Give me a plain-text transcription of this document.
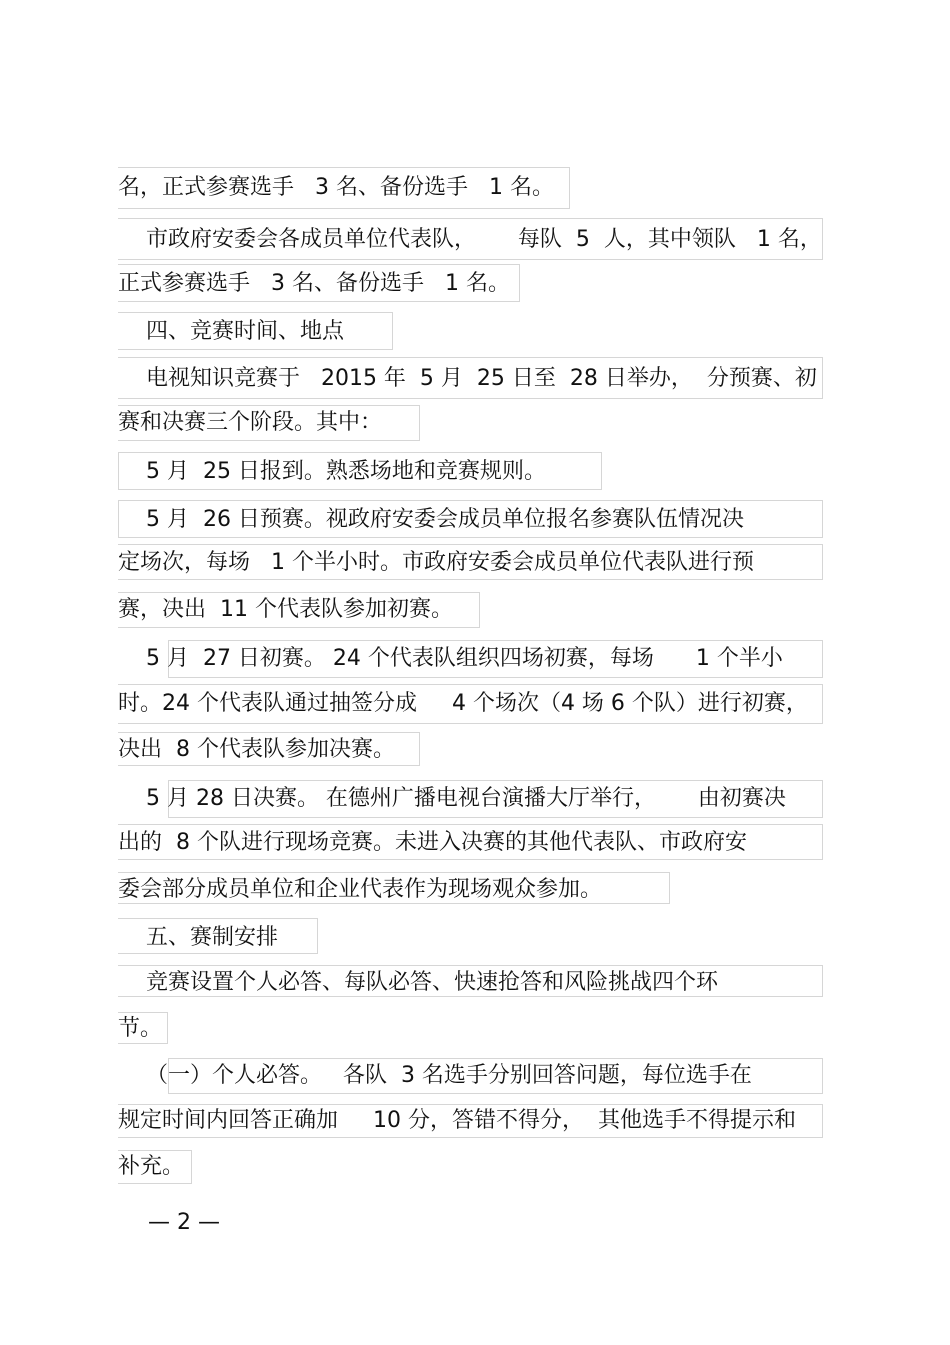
名，正式参赛选手   3 名、备份选手   1 名。

市政府安委会各成员单位代表队，      每队  5  人，其中领队   1 名，

正式参赛选手   3 名、备份选手   1 名。

四、竞赛时间、地点

电视知识竞赛于   2015 年  5 月  25 日至  28 日举办，  分预赛、初

赛和决赛三个阶段。其中：

5 月  25 日报到。熟悉场地和竞赛规则。

5 月  26 日预赛。视政府安委会成员单位报名参赛队伍情况决

定场次，每场   1 个半小时。市政府安委会成员单位代表队进行预

赛，决出  11 个代表队参加初赛。

5 月  27 日初赛。 24 个代表队组织四场初赛，每场      1 个半小

时。24 个代表队通过抽签分成     4 个场次（4 场 6 个队）进行初赛，

决出  8 个代表队参加决赛。

5 月 28 日决赛。 在德州广播电视台演播大厅举行，      由初赛决

出的  8 个队进行现场竞赛。未进入决赛的其他代表队、市政府安

委会部分成员单位和企业代表作为现场观众参加。

五、赛制安排

竞赛设置个人必答、每队必答、快速抢答和风险挑战四个环

节。

（一）个人必答。   各队  3 名选手分别回答问题，每位选手在

规定时间内回答正确加     10 分，答错不得分，  其他选手不得提示和

补充。

— 2 —
